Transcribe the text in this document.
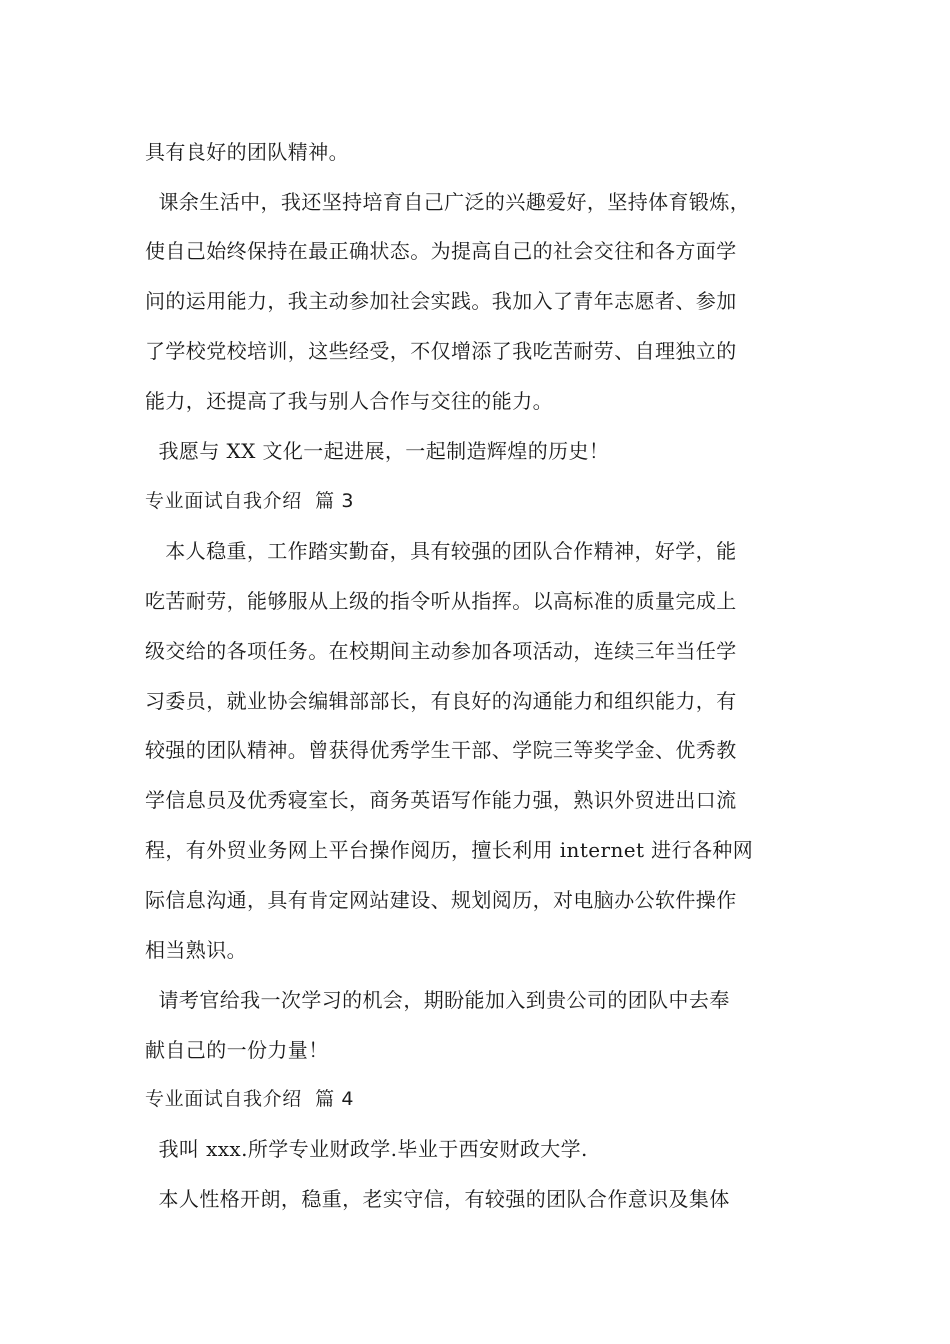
具有良好的团队精神。
课余生活中，我还坚持培育自己广泛的兴趣爱好，坚持体育锻炼，
使自己始终保持在最正确状态。为提高自己的社会交往和各方面学
问的运用能力，我主动参加社会实践。我加入了青年志愿者、参加
了学校党校培训，这些经受，不仅增添了我吃苦耐劳、自理独立的
能力，还提高了我与别人合作与交往的能力。
我愿与 XX 文化一起进展，一起制造辉煌的历史！
专业面试自我介绍  篇 3
本人稳重，工作踏实勤奋，具有较强的团队合作精神，好学，能
吃苦耐劳，能够服从上级的指令听从指挥。以高标准的质量完成上
级交给的各项任务。在校期间主动参加各项活动，连续三年当任学
习委员，就业协会编辑部部长，有良好的沟通能力和组织能力，有
较强的团队精神。曾获得优秀学生干部、学院三等奖学金、优秀教
学信息员及优秀寝室长，商务英语写作能力强，熟识外贸进出口流
程，有外贸业务网上平台操作阅历，擅长利用 internet 进行各种网
际信息沟通，具有肯定网站建设、规划阅历，对电脑办公软件操作
相当熟识。
请考官给我一次学习的机会，期盼能加入到贵公司的团队中去奉
献自己的一份力量！
专业面试自我介绍  篇 4
我叫 xxx.所学专业财政学.毕业于西安财政大学.
本人性格开朗，稳重，老实守信，有较强的团队合作意识及集体
